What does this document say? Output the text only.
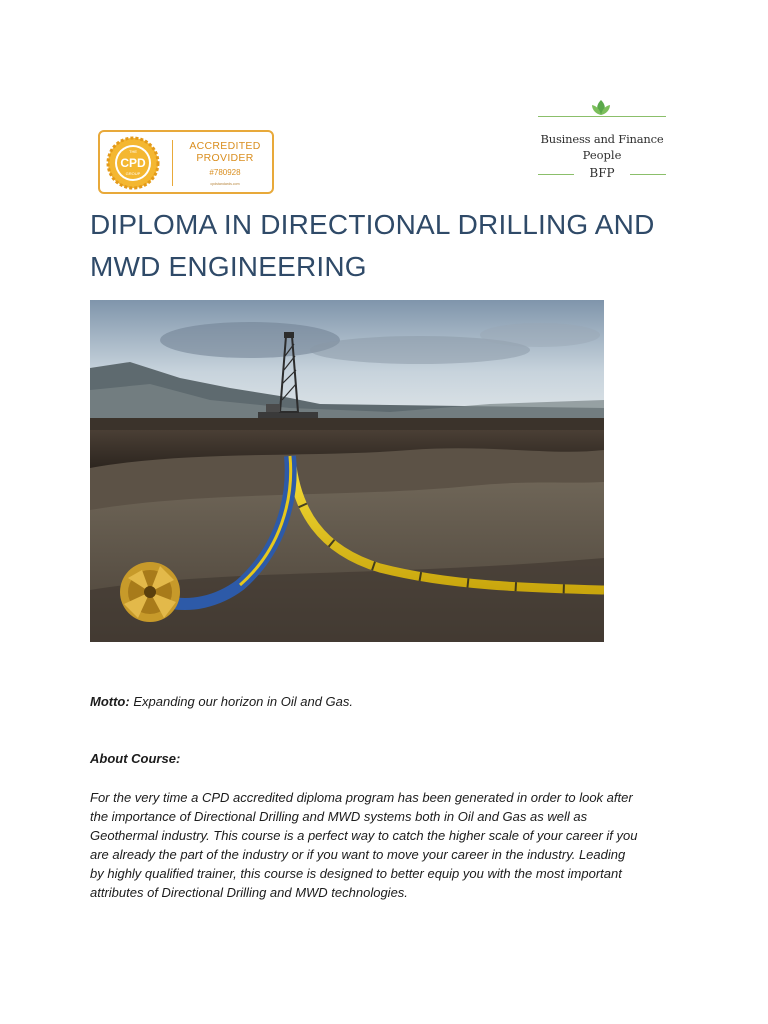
THE
CPD
GROUP
ACCREDITED
PROVIDER
#780928
cpdstandards.com
Business and Finance
People
BFP
DIPLOMA IN DIRECTIONAL DRILLING AND
MWD ENGINEERING
Motto: Expanding our horizon in Oil and Gas.
About Course:
For the very time a CPD accredited diploma program has been generated in order to look after
the importance of Directional Drilling and MWD systems both in Oil and Gas as well as
Geothermal industry. This course is a perfect way to catch the higher scale of your career if you
are already the part of the industry or if you want to move your career in the industry. Leading
by highly qualified trainer, this course is designed to better equip you with the most important
attributes of Directional Drilling and MWD technologies.
